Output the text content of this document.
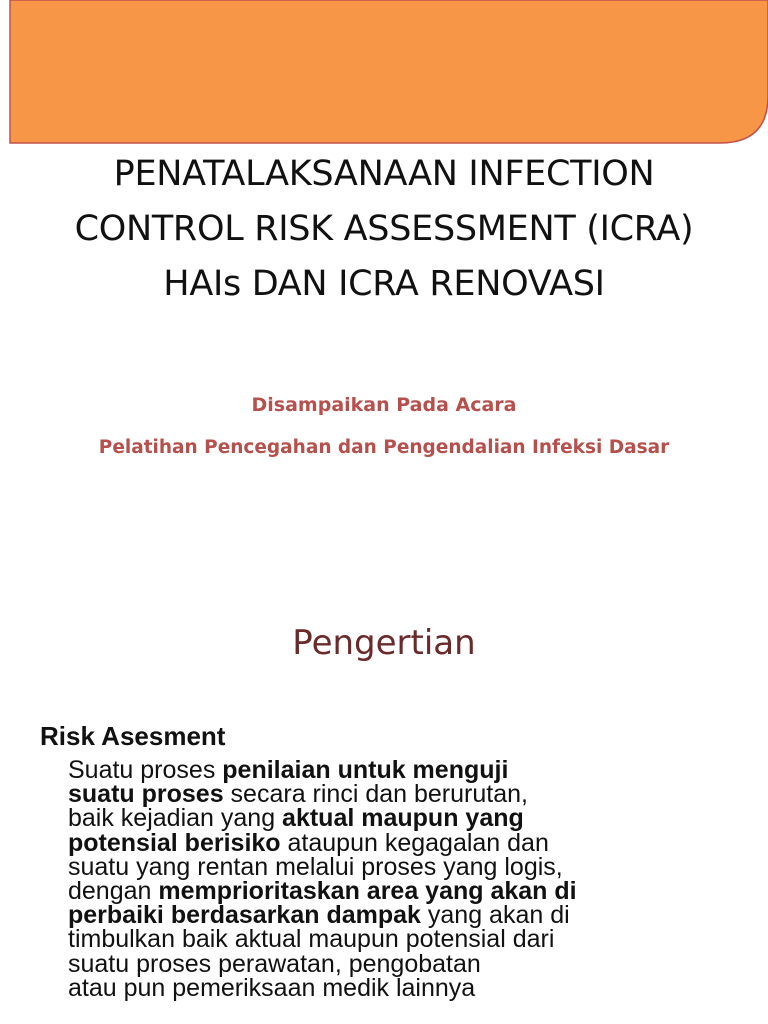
PENATALAKSANAAN INFECTION
CONTROL RISK ASSESSMENT (ICRA)
HAIs DAN ICRA RENOVASI
Disampaikan Pada Acara
Pelatihan Pencegahan dan Pengendalian Infeksi Dasar
Pengertian
Risk Asesment
Suatu proses penilaian untuk menguji
suatu proses secara rinci dan berurutan,
baik kejadian yang aktual maupun yang
potensial berisiko ataupun kegagalan dan
suatu yang rentan melalui proses yang logis,
dengan memprioritaskan area yang akan di
perbaiki berdasarkan dampak yang akan di
timbulkan baik aktual maupun potensial dari
suatu proses perawatan, pengobatan
atau pun pemeriksaan medik lainnya
